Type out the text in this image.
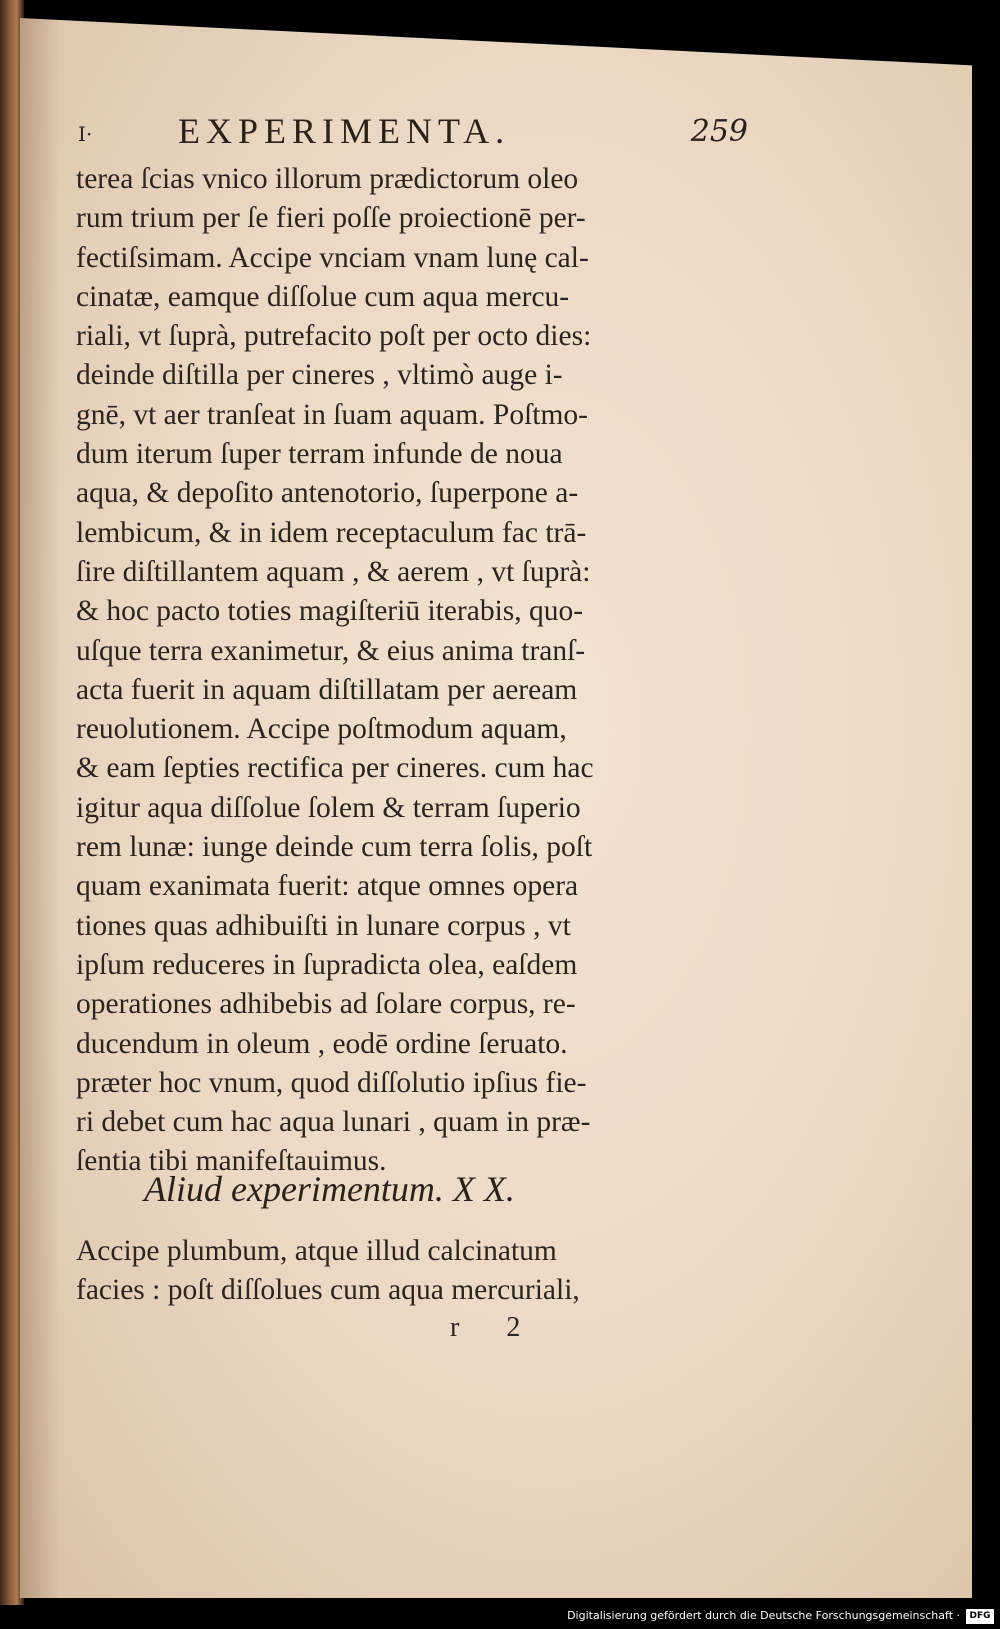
I· EXPERIMENTA.	259
terea ſcias vnico illorum prædictorum oleo
rum trium per ſe fieri poſſe proiectionē per-
fectiſsimam. Accipe vnciam vnam lunę cal-
cinatæ, eamque diſſolue cum aqua mercu-
riali, vt ſuprà, putrefacito poſt per octo dies:
deinde diſtilla per cineres , vltimò auge i-
gnē, vt aer tranſeat in ſuam aquam. Poſtmo-
dum iterum ſuper terram infunde de noua
aqua, & depoſito antenotorio, ſuperpone a-
lembicum, & in idem receptaculum fac trā-
ſire diſtillantem aquam , & aerem , vt ſuprà:
& hoc pacto toties magiſteriū iterabis, quo-
uſque terra exanimetur, & eius anima tranſ-
acta fuerit in aquam diſtillatam per aeream
reuolutionem. Accipe poſtmodum aquam,
& eam ſepties rectifica per cineres. cum hac
igitur aqua diſſolue ſolem & terram ſuperio
rem lunæ: iunge deinde cum terra ſolis, poſt
quam exanimata fuerit: atque omnes opera
tiones quas adhibuiſti in lunare corpus , vt
ipſum reduceres in ſupradicta olea, eaſdem
operationes adhibebis ad ſolare corpus, re-
ducendum in oleum , eodē ordine ſeruato.
præter hoc vnum, quod diſſolutio ipſius fie-
ri debet cum hac aqua lunari , quam in præ-
ſentia tibi manifeſtauimus.
Aliud experimentum. X X.
Accipe plumbum, atque illud calcinatum
facies : poſt diſſolues cum aqua mercuriali,
r 2
Digitalisierung gefördert durch die Deutsche Forschungsgemeinschaft ·	DFG
